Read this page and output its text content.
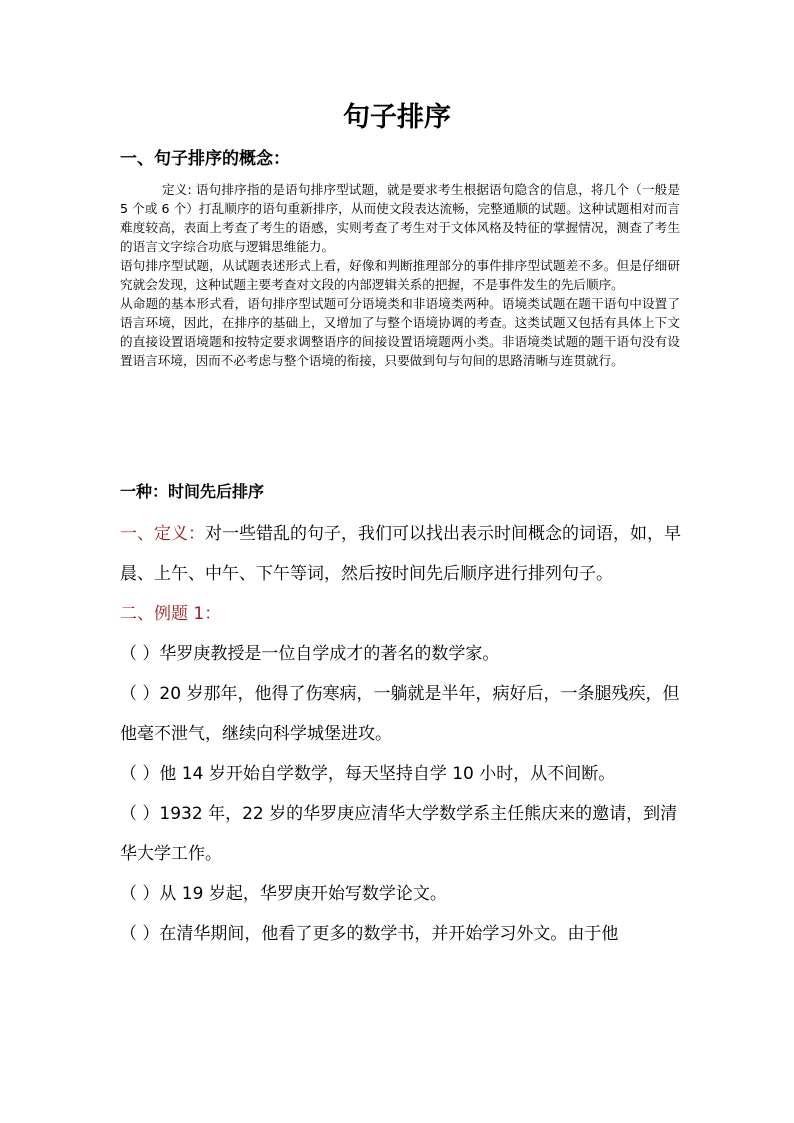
句子排序
一、句子排序的概念：

定义: 语句排序指的是语句排序型试题，就是要求考生根据语句隐含的信息，将几个（一般是 5 个或 6 个）打乱顺序的语句重新排序，从而使文段表达流畅，完整通顺的试题。这种试题相对而言难度较高，表面上考查了考生的语感，实则考查了考生对于文体风格及特征的掌握情况，测查了考生的语言文字综合功底与逻辑思维能力。

语句排序型试题，从试题表述形式上看，好像和判断推理部分的事件排序型试题差不多。但是仔细研究就会发现，这种试题主要考查对文段的内部逻辑关系的把握，不是事件发生的先后顺序。

从命题的基本形式看，语句排序型试题可分语境类和非语境类两种。语境类试题在题干语句中设置了语言环境，因此，在排序的基础上，又增加了与整个语境协调的考查。这类试题又包括有具体上下文的直接设置语境题和按特定要求调整语序的间接设置语境题两小类。非语境类试题的题干语句没有设置语言环境，因而不必考虑与整个语境的衔接，只要做到句与句间的思路清晰与连贯就行。

一种：时间先后排序

一、定义：对一些错乱的句子，我们可以找出表示时间概念的词语，如，早晨、上午、中午、下午等词，然后按时间先后顺序进行排列句子。

二、例题 1：

（ ）华罗庚教授是一位自学成才的著名的数学家。

（ ）20 岁那年，他得了伤寒病，一躺就是半年，病好后，一条腿残疾，但他毫不泄气，继续向科学城堡进攻。

（ ）他 14 岁开始自学数学，每天坚持自学 10 小时，从不间断。

（ ）1932 年，22 岁的华罗庚应清华大学数学系主任熊庆来的邀请，到清华大学工作。

（ ）从 19 岁起，华罗庚开始写数学论文。

（ ）在清华期间，他看了更多的数学书，并开始学习外文。由于他
